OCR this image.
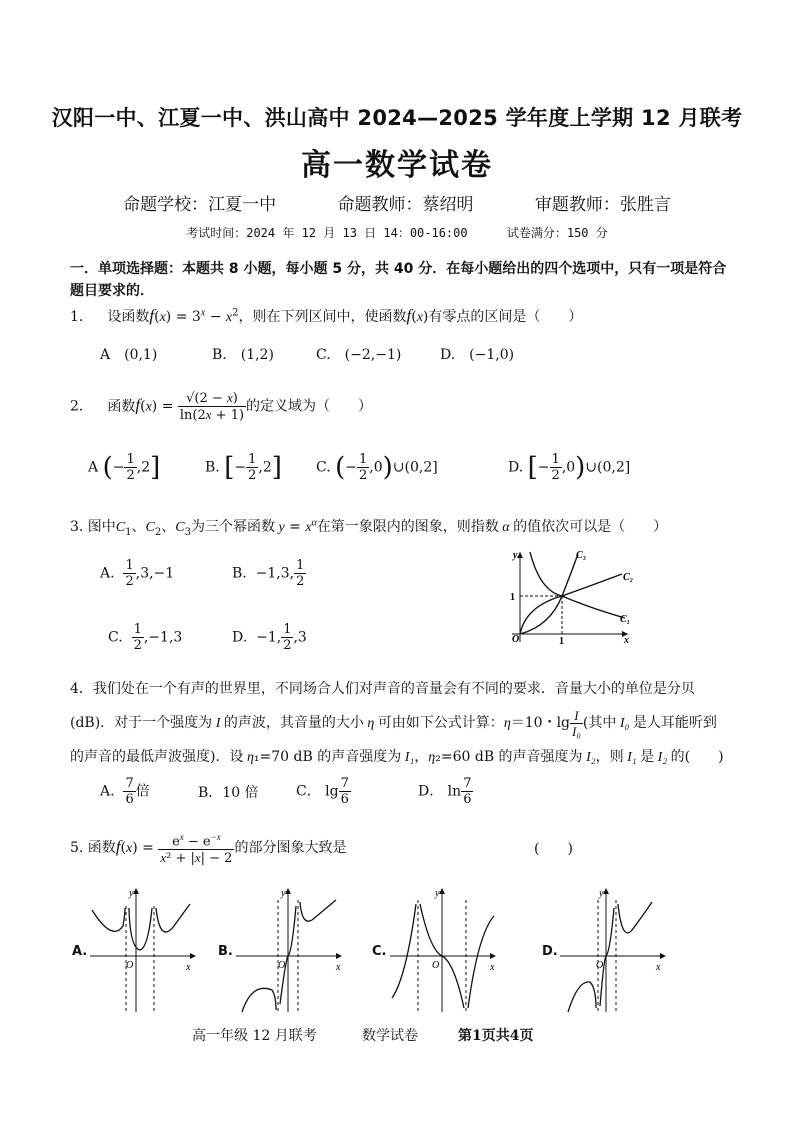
汉阳一中、江夏一中、洪山高中 2024—2025 学年度上学期 12 月联考
高一数学试卷
命题学校：江夏一中	命题教师：蔡绍明	审题教师：张胜言
考试时间：2024 年 12 月 13 日 14：00-16:00	试卷满分：150 分
一．单项选择题：本题共 8 小题，每小题 5 分，共 40 分．在每小题给出的四个选项中，只有一项是符合题目要求的．
1． 设函数$f(x) = 3^x - x^2$，则在下列区间中，使函数f(x)有零点的区间是（　　）
A　(0,1)	B.　(1,2)	C.　(−2,−1)	D.　(−1,0)
2． 函数$f(x) = \frac{√(2 - x)}{\ln(2x + 1)}$ 的定义域为（　　）
A (− $\frac{1}{2} ,2$]	B. [− $\frac{1}{2} ,2$] C. (− $\frac{1}{2}$ ,0)∪(0,2]	D. [− $\frac{1}{2}$ ,0)∪(0,2]
3. 图中$C_1$、$C_2$、$C_3$为三个幂函数 $y = x^\alpha$在第一象限内的图象，则指数 α 的值依次可以是（　　）
A. $\frac{1}{2} ,3,-1$	B.  −1,3, $\frac{1}{2}$
C. $\frac{1}{2} ,-1,3$	D.  −1, $\frac{1}{2} ,3$
y
x
O
1
1
C₃
C₂
C₁
4．我们处在一个有声的世界里，不同场合人们对声音的音量会有不同的要求．音量大小的单位是分贝
(dB)．对于一个强度为 I 的声波，其音量的大小 η 可由如下公式计算：η＝10・$\lg \frac{I}{\text{I₀}}$ (其中 I₀ 是人耳能听到
的声音的最低声波强度)．设 η₁=70 dB 的声音强度为 I₁，η₂=60 dB 的声音强度为 I₂，则 I₁ 是 I₂ 的(　　)
A. $\frac{7}{6}$ 倍	B．10 倍	C． $\lg \frac{7}{6}$	D． $\ln \frac{7}{6}$
5. 函数$f(x) = \frac{e^x - e^{-x}}{\text{x² + |x| − 2}}$ 的部分图象大致是	(　　)
A.
y
O	x
B.
y
O	x
C.
y
O	x
D.
y
O	x
高一年级 12 月联考	数学试卷	第1页共4页
